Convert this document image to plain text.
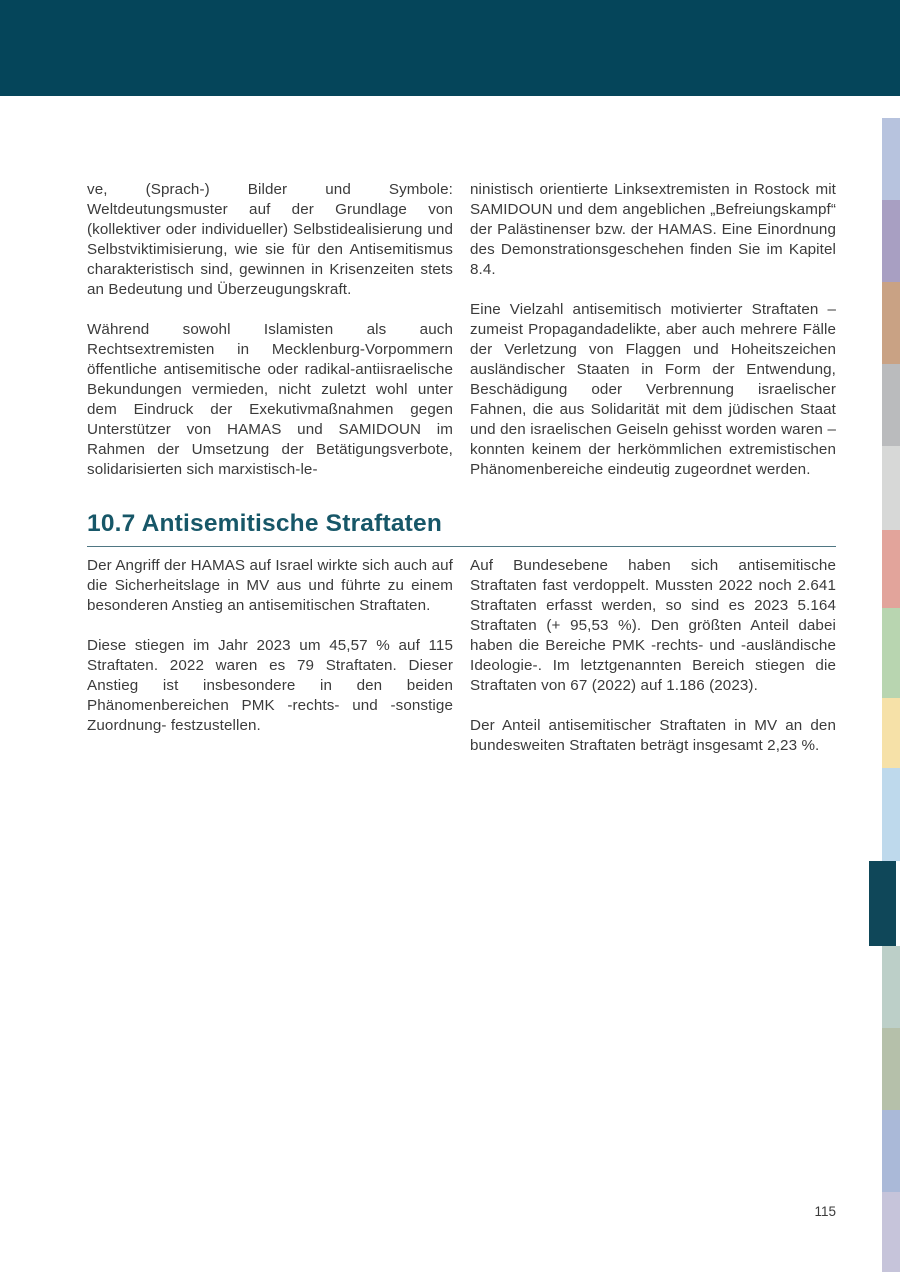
ve, (Sprach-) Bilder und Symbole: Weltdeutungsmuster auf der Grundlage von (kollektiver oder individueller) Selbstidealisierung und Selbstviktimisierung, wie sie für den Antisemitismus charakteristisch sind, gewinnen in Krisenzeiten stets an Bedeutung und Überzeugungskraft.

Während sowohl Islamisten als auch Rechtsextremisten in Mecklenburg-Vorpommern öffentliche antisemitische oder radikal-antiisraelische Bekundungen vermieden, nicht zuletzt wohl unter dem Eindruck der Exekutivmaßnahmen gegen Unterstützer von HAMAS und SAMIDOUN im Rahmen der Umsetzung der Betätigungsverbote, solidarisierten sich marxistisch-le-

ninistisch orientierte Linksextremisten in Rostock mit SAMIDOUN und dem angeblichen „Befreiungskampf“ der Palästinenser bzw. der HAMAS. Eine Einordnung des Demonstrationsgeschehen finden Sie im Kapitel 8.4.

Eine Vielzahl antisemitisch motivierter Straftaten – zumeist Propagandadelikte, aber auch mehrere Fälle der Verletzung von Flaggen und Hoheitszeichen ausländischer Staaten in Form der Entwendung, Beschädigung oder Verbrennung israelischer Fahnen, die aus Solidarität mit dem jüdischen Staat und den israelischen Geiseln gehisst worden waren – konnten keinem der herkömmlichen extremistischen Phänomenbereiche eindeutig zugeordnet werden.

10.7 Antisemitische Straftaten

Der Angriff der HAMAS auf Israel wirkte sich auch auf die Sicherheitslage in MV aus und führte zu einem besonderen Anstieg an antisemitischen Straftaten.

Diese stiegen im Jahr 2023 um 45,57 % auf 115 Straftaten. 2022 waren es 79 Straftaten. Dieser Anstieg ist insbesondere in den beiden Phänomenbereichen PMK -rechts- und -sonstige Zuordnung- festzustellen.

Auf Bundesebene haben sich antisemitische Straftaten fast verdoppelt. Mussten 2022 noch 2.641 Straftaten erfasst werden, so sind es 2023 5.164 Straftaten (+ 95,53 %). Den größten Anteil dabei haben die Bereiche PMK -rechts- und -ausländische Ideologie-. Im letztgenannten Bereich stiegen die Straftaten von 67 (2022) auf 1.186 (2023).

Der Anteil antisemitischer Straftaten in MV an den bundesweiten Straftaten beträgt insgesamt 2,23 %.

115
